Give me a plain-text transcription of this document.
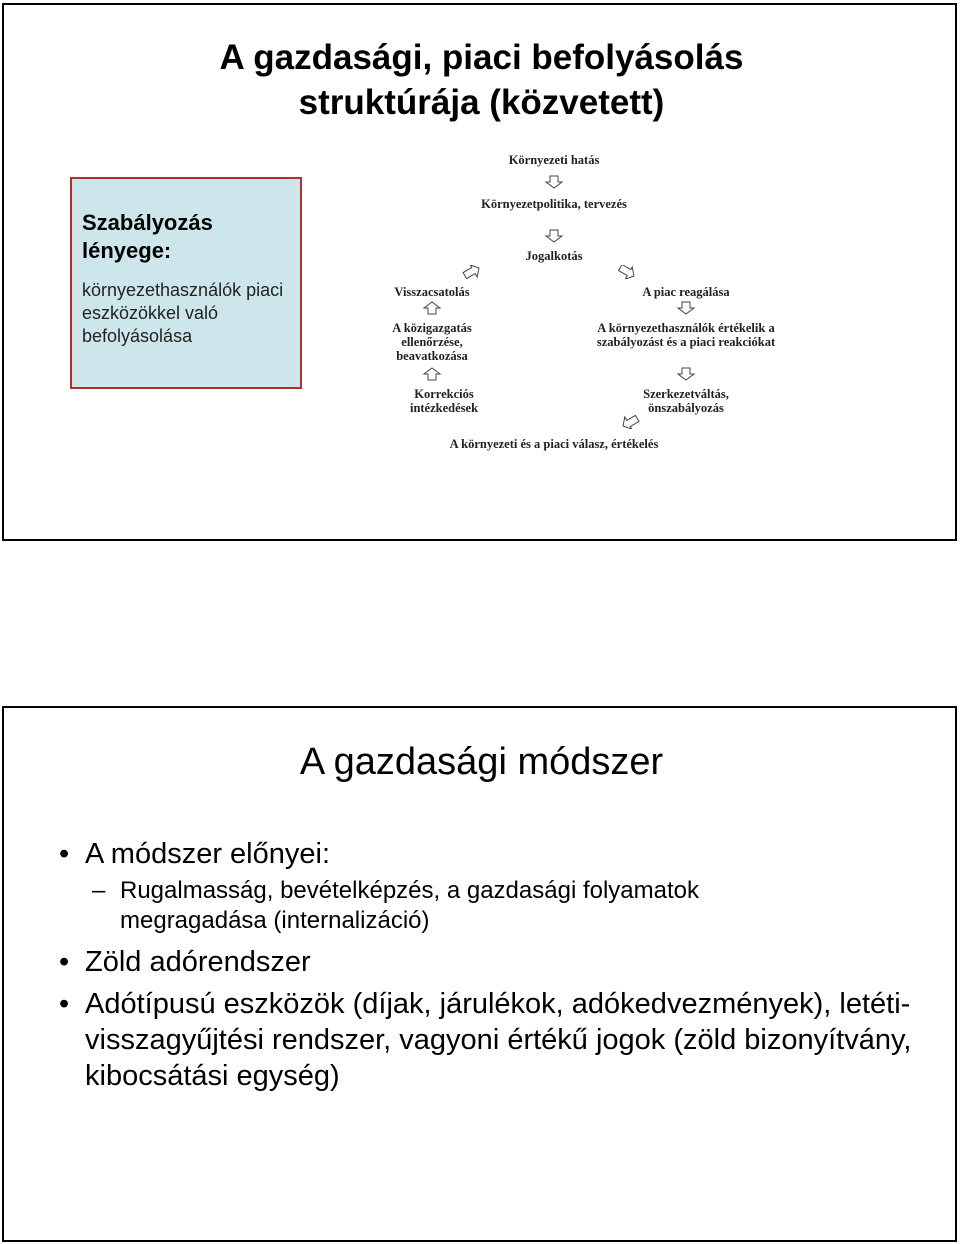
A gazdasági, piaci befolyásolás struktúrája (közvetett)
Szabályozás lényege:
környezethasználók piaci eszközökkel való befolyásolása
Környezeti hatás
Környezetpolitika, tervezés
Jogalkotás
A piac reagálása
A környezethasználók értékelik a szabályozást és a piaci reakciókat
Szerkezetváltás, önszabályozás
A környezeti és a piaci válasz, értékelés
Korrekciós intézkedések
A közigazgatás ellenőrzése, beavatkozása
Visszacsatolás
A gazdasági módszer
• A módszer előnyei:
– Rugalmasság, bevételképzés, a gazdasági folyamatok megragadása (internalizáció)
• Zöld adórendszer
• Adótípusú eszközök (díjak, járulékok, adókedvezmények), letéti-visszagyűjtési rendszer, vagyoni értékű jogok (zöld bizonyítvány, kibocsátási egység)
